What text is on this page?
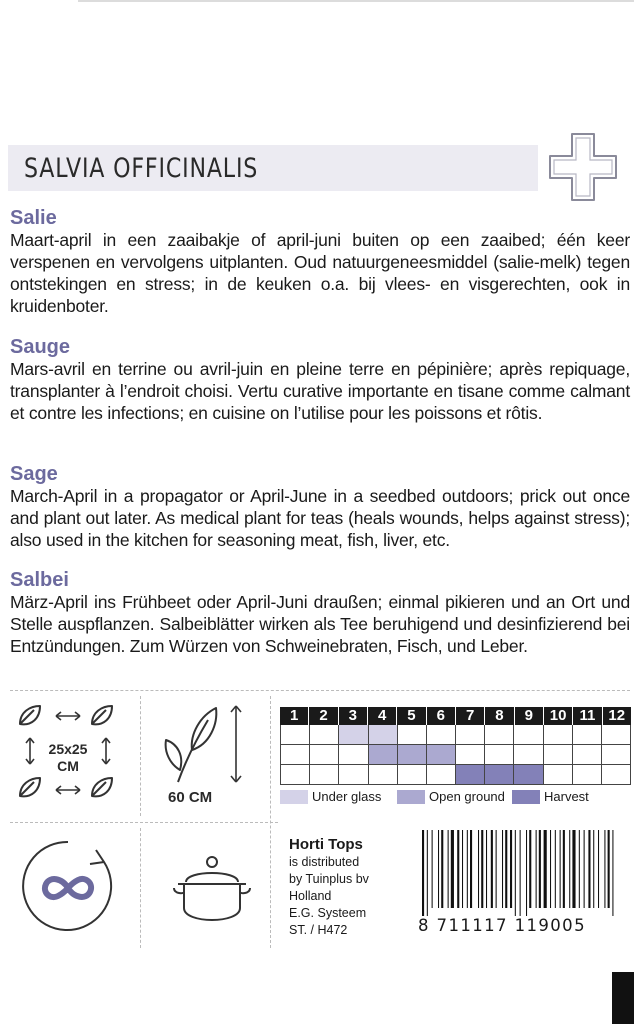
SALVIA OFFICINALIS
Salie

Maart-april in een zaaibakje of april-juni buiten op een zaaibed; één keer verspenen en vervolgens uitplanten. Oud natuurgeneesmiddel (salie-melk) tegen ontstekingen en stress; in de keuken o.a. bij vlees- en visgerechten, ook in kruidenboter.

Sauge

Mars-avril en terrine ou avril-juin en pleine terre en pépinière; après repiquage, transplanter à l’endroit choisi. Vertu curative importante en tisane comme calmant et contre les infections; en cuisine on l’utilise pour les poissons et rôtis.

Sage

March-April in a propagator or April-June in a seedbed outdoors; prick out once and plant out later. As medical plant for teas (heals wounds, helps against stress); also used in the kitchen for seasoning meat, fish, liver, etc.

Salbei

März-April ins Frühbeet oder April-Juni draußen; einmal pikieren und an Ort und Stelle auspflanzen. Salbeiblätter wirken als Tee beruhigend und desinfizierend bei Entzündungen. Zum Würzen von Schweinebraten, Fisch, und Leber.

25x25
CM
60 CM
1	2	3	4	5	6	7	8	9	10 11 12
Under glass	Open ground	Harvest
Horti Tops
is distributed
by Tuinplus bv
Holland
E.G. Systeem
ST. / H472	8 711117 119005
